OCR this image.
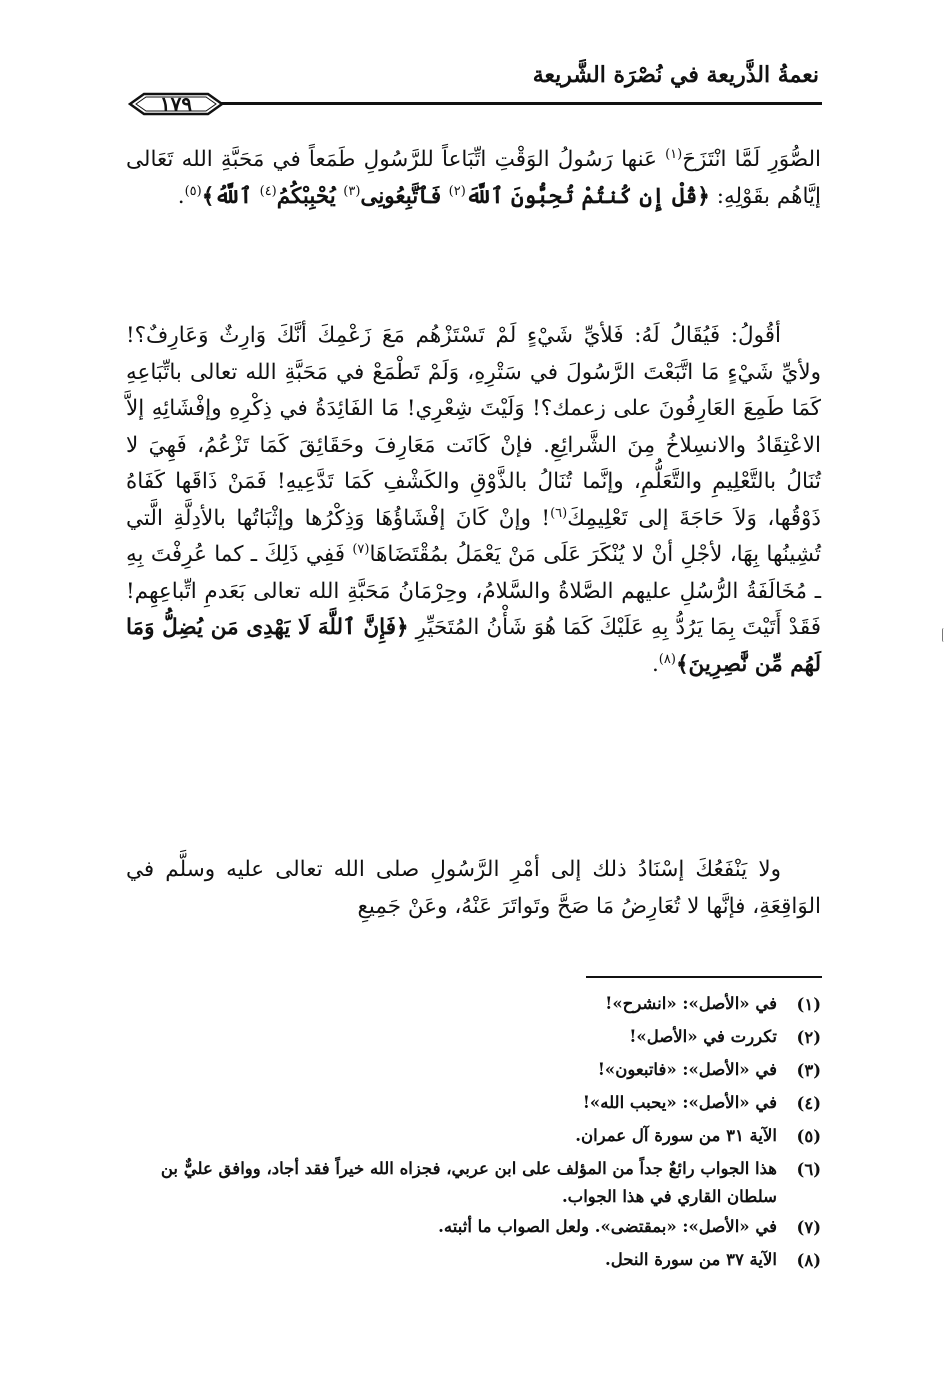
نعمةُ الذَّريعة في نُصْرَة الشَّريعة
١٧٩
الصُّوَرِ لَمَّا انْتَزَحَ$^{(١)}$ عَنها رَسُولُ الوَقْتِ اتِّبَاعاً للرَّسُولِ طَمَعاً في مَحَبَّةِ الله تَعَالى إيَّاهُم بقَوْلِهِ: ﴿قُلْ إِن كُنتُمْ تُحِبُّونَ ٱللَّهَ$^{(٢)}$ فَٱتَّبِعُونِى$^{(٣)}$ يُحْبِبْكُمُ$^{(٤)}$ ٱللَّهُ﴾$^{(٥)}$.
أقُولُ: فَيُقَالُ لَهُ: فَلأيِّ شَيْءٍ لَمْ تَسْتَزْهُم مَعَ زَعْمِكَ أنَّكَ وَارِثٌ وَعَارِفٌ؟! ولأيِّ شَيْءٍ مَا اتَّبَعْتَ الرَّسُولَ في سَتْرِهِ، وَلَمْ تَطْمَعْ في مَحَبَّةِ الله تعالى باتِّبَاعِهِ كَمَا طَمِعَ العَارِفُونَ على زعمك؟! وَلَيْتَ شِعْرِي! مَا الفَائِدَةُ في ذِكْرِهِ وإفْشَائِهِ إلاَّ الاعْتِقَادُ والانسِلاخُ مِنَ الشَّرائِعِ. فإنْ كَانَت مَعَارِفَ وحَقَائِقَ كَمَا تَزْعُمُ، فَهِيَ لا تُنَالُ بالتَّعْلِيمِ والتَّعَلُّمِ، وإنَّما تُنَالُ بالذَّوْقِ والكَشْفِ كَمَا تَدَّعِيهِ! فَمَنْ ذَاقَها كَفَاهُ ذَوْقُها، وَلاَ حَاجَةَ إلى تَعْلِيمِكَ$^{(٦)}$! وإنْ كَانَ إفْشَاؤُهَا وَذِكْرُها وإثْبَاتُها بالأدِلَّةِ الَّتي تُشِينُها بِهَا، لأجْلِ أنْ لا يُنْكَرَ عَلَى مَنْ يَعْمَلُ بمُقْتَضَاهَا$^{(٧)}$ فَفِي ذَلِكَ ـ كما عُرِفْتَ بِهِ ـ مُخَالَفَةُ الرُّسُلِ عليهم الصَّلاةُ والسَّلامُ، وحِرْمَانُ مَحَبَّةِ الله تعالى بَعَدمِ اتِّباعِهِم! فَقَدْ أَتَيْتَ بِمَا يَرُدُّ بِهِ عَلَيْكَ كَمَا هُوَ شَأْنُ المُتَحَيِّرِ ﴿فَإِنَّ ٱللَّهَ لَا يَهْدِى مَن يُضِلُّ وَمَا لَهُم مِّن نَّٰصِرِينَ﴾$^{(٨)}$.
ولا يَنْفَعُكَ إسْنَادُ ذلك إلى أمْرِ الرَّسُولِ صلى الله تعالى عليه وسلَّم في الوَاقِعَةِ، فإنَّها لا تُعَارِضُ مَا صَحَّ وتَواتَرَ عَنْهُ، وعَنْ جَمِيعِ
(١)
في «الأصل»: «انشرح»!
(٢)
تكررت في «الأصل»!
(٣)
في «الأصل»: «فاتبعون»!
(٤)
في «الأصل»: «يحبب الله»!
(٥)
الآية ٣١ من سورة آل عمران.
(٦)
هذا الجواب رائعٌ جداً من المؤلف على ابن عربي، فجزاه الله خيراً فقد أجاد، ووافق عليٌّ بن سلطان القاري في هذا الجواب.
(٧)
في «الأصل»: «بمقتضى». ولعل الصواب ما أثبته.
(٨)
الآية ٣٧ من سورة النحل.
